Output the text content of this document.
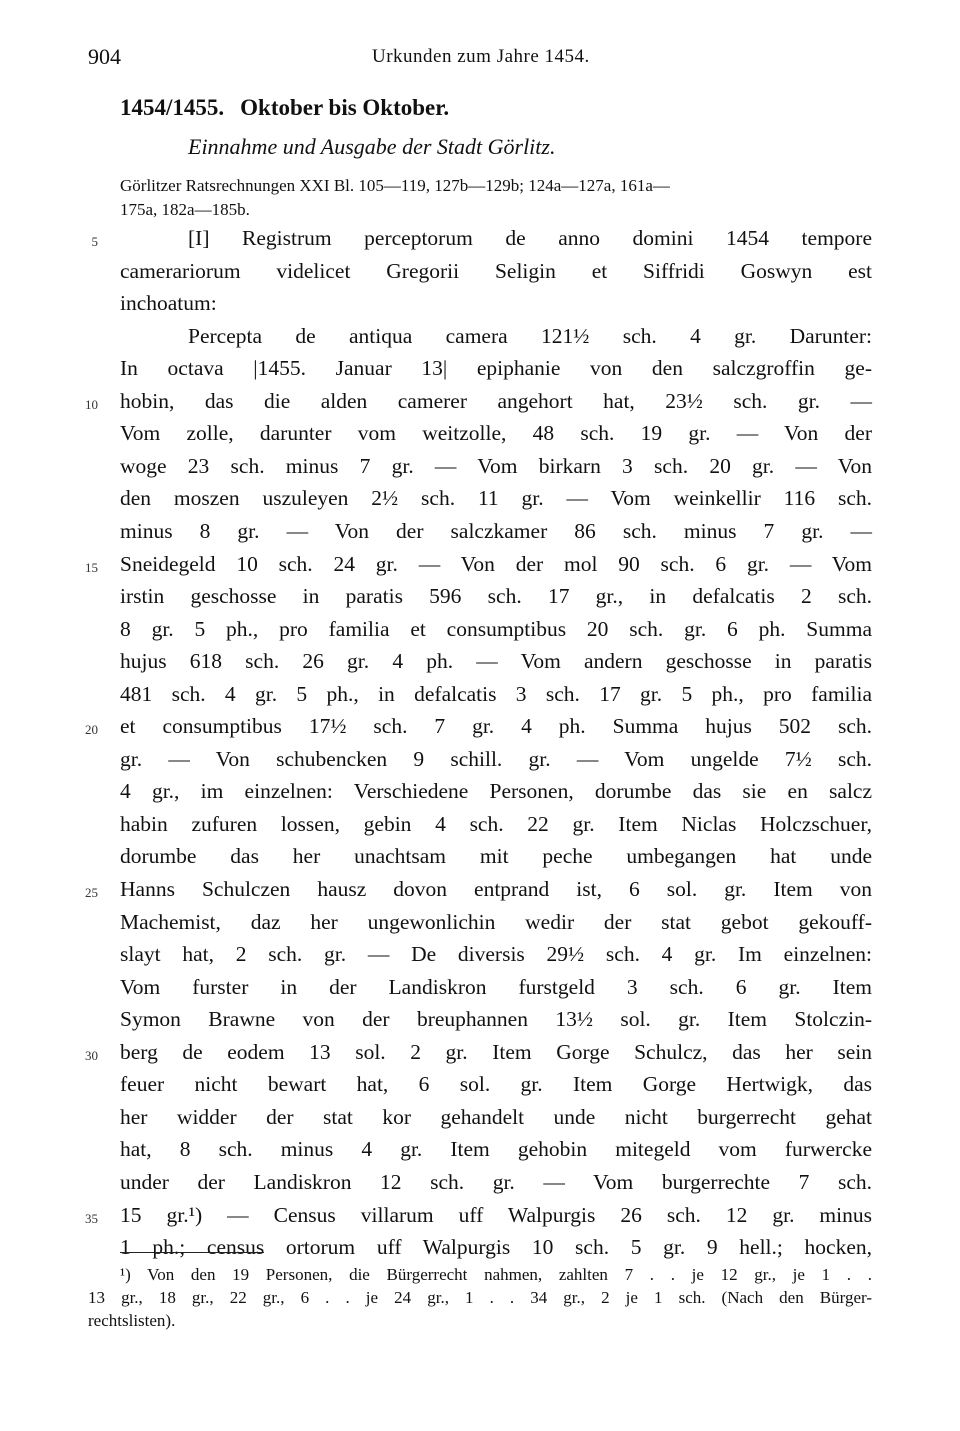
904	Urkunden zum Jahre 1454.
1454/1455. Oktober bis Oktober.
Einnahme und Ausgabe der Stadt Görlitz.
Görlitzer Ratsrechnungen XXI Bl. 105—119, 127b—129b; 124a—127a, 161a—
175a, 182a—185b.
[I] Registrum perceptorum de anno domini 1454 tempore
5
camerariorum videlicet Gregorii Seligin et Siffridi Goswyn est
inchoatum:
Percepta de antiqua camera 121½ sch. 4 gr. Darunter:
In octava |1455. Januar 13| epiphanie von den salczgroffin ge-
hobin, das die alden camerer angehort hat, 23½ sch. gr. —
10
Vom zolle, darunter vom weitzolle, 48 sch. 19 gr. — Von der
woge 23 sch. minus 7 gr. — Vom birkarn 3 sch. 20 gr. — Von
den moszen uszuleyen 2½ sch. 11 gr. — Vom weinkellir 116 sch.
minus 8 gr. — Von der salczkamer 86 sch. minus 7 gr. —
Sneidegeld 10 sch. 24 gr. — Von der mol 90 sch. 6 gr. — Vom
15
irstin geschosse in paratis 596 sch. 17 gr., in defalcatis 2 sch.
8 gr. 5 ph., pro familia et consumptibus 20 sch. gr. 6 ph. Summa
hujus 618 sch. 26 gr. 4 ph. — Vom andern geschosse in paratis
481 sch. 4 gr. 5 ph., in defalcatis 3 sch. 17 gr. 5 ph., pro familia
et consumptibus 17½ sch. 7 gr. 4 ph. Summa hujus 502 sch.
20
gr. — Von schubencken 9 schill. gr. — Vom ungelde 7½ sch.
4 gr., im einzelnen: Verschiedene Personen, dorumbe das sie en salcz
habin zufuren lossen, gebin 4 sch. 22 gr. Item Niclas Holczschuer,
dorumbe das her unachtsam mit peche umbegangen hat unde
Hanns Schulczen hausz dovon entprand ist, 6 sol. gr. Item von
25
Machemist, daz her ungewonlichin wedir der stat gebot gekouff-
slayt hat, 2 sch. gr. — De diversis 29½ sch. 4 gr. Im einzelnen:
Vom furster in der Landiskron furstgeld 3 sch. 6 gr. Item
Symon Brawne von der breuphannen 13½ sol. gr. Item Stolczin-
berg de eodem 13 sol. 2 gr. Item Gorge Schulcz, das her sein
30
feuer nicht bewart hat, 6 sol. gr. Item Gorge Hertwigk, das
her widder der stat kor gehandelt unde nicht burgerrecht gehat
hat, 8 sch. minus 4 gr. Item gehobin mitegeld vom furwercke
under der Landiskron 12 sch. gr. — Vom burgerrechte 7 sch.
15 gr.¹) — Census villarum uff Walpurgis 26 sch. 12 gr. minus
35
1 ph.; census ortorum uff Walpurgis 10 sch. 5 gr. 9 hell.; hocken,
¹) Von den 19 Personen, die Bürgerrecht nahmen, zahlten 7 . . je 12 gr., je 1 . .
13 gr., 18 gr., 22 gr., 6 . . je 24 gr., 1 . . 34 gr., 2 je 1 sch. (Nach den Bürger-
rechtslisten).
